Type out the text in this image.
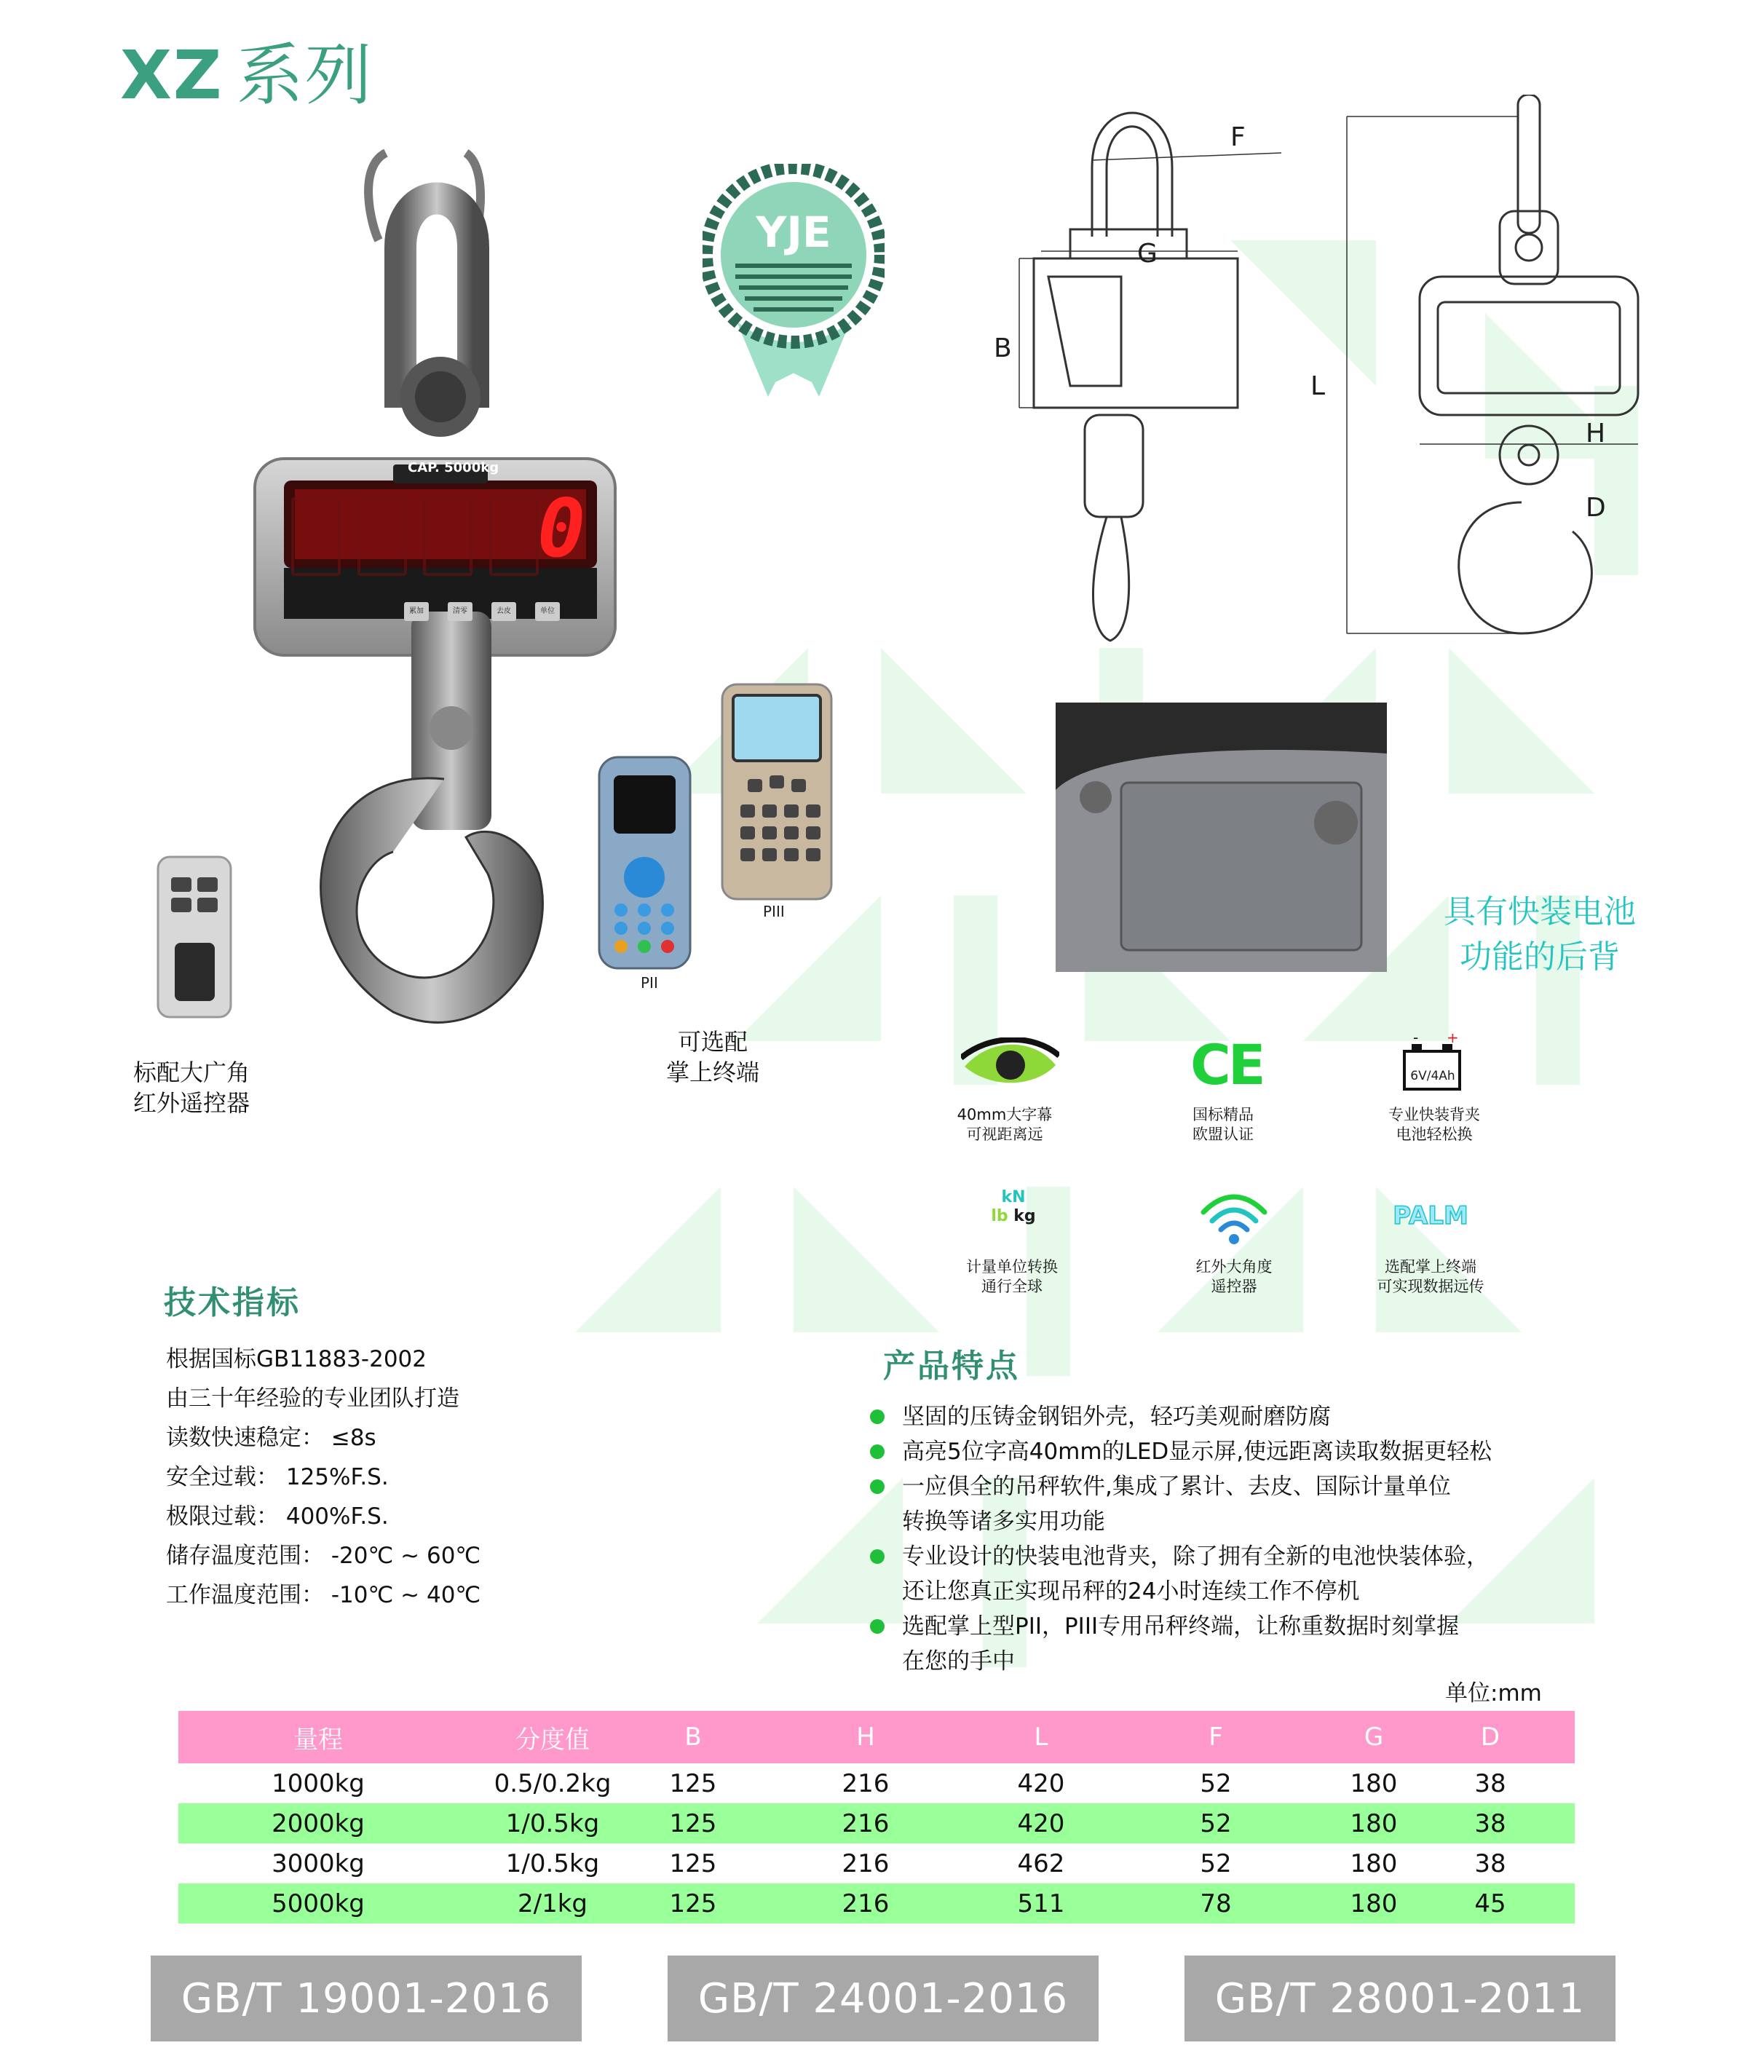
XZ 系列
CAP. 5000kg
0
累加	清零	去皮	单位
标配大广角
红外遥控器
PII
PIII
可选配
掌上终端
YJE
F
G
B
L
H
D
具有快装电池
功能的后背
40mm大字幕
可视距离远
CE
国标精品
欧盟认证
+
-
6V/4Ah
专业快装背夹
电池轻松换
kN
lb kg
计量单位转换
通行全球
红外大角度
遥控器
PALM
选配掌上终端
可实现数据远传
技术指标
根据国标GB11883-2002
由三十年经验的专业团队打造
读数快速稳定： ≤8s
安全过载： 125%F.S.
极限过载： 400%F.S.
储存温度范围： -20℃ ~ 60℃
工作温度范围： -10℃ ~ 40℃
产品特点
坚固的压铸金钢铝外壳，轻巧美观耐磨防腐
高亮5位字高40mm的LED显示屏,使远距离读取数据更轻松
一应俱全的吊秤软件,集成了累计、去皮、国际计量单位
转换等诸多实用功能
专业设计的快装电池背夹，除了拥有全新的电池快装体验，
还让您真正实现吊秤的24小时连续工作不停机
选配掌上型PII，PIII专用吊秤终端，让称重数据时刻掌握
在您的手中
单位:mm
量程	分度值	B	H	L	F	G	D
1000kg	0.5/0.2kg	125	216	420	52	180	38
2000kg	1/0.5kg	125	216	420	52	180	38
3000kg	1/0.5kg	125	216	462	52	180	38
5000kg	2/1kg	125	216	511	78	180	45
GB/T 19001-2016	GB/T 24001-2016	GB/T 28001-2011
